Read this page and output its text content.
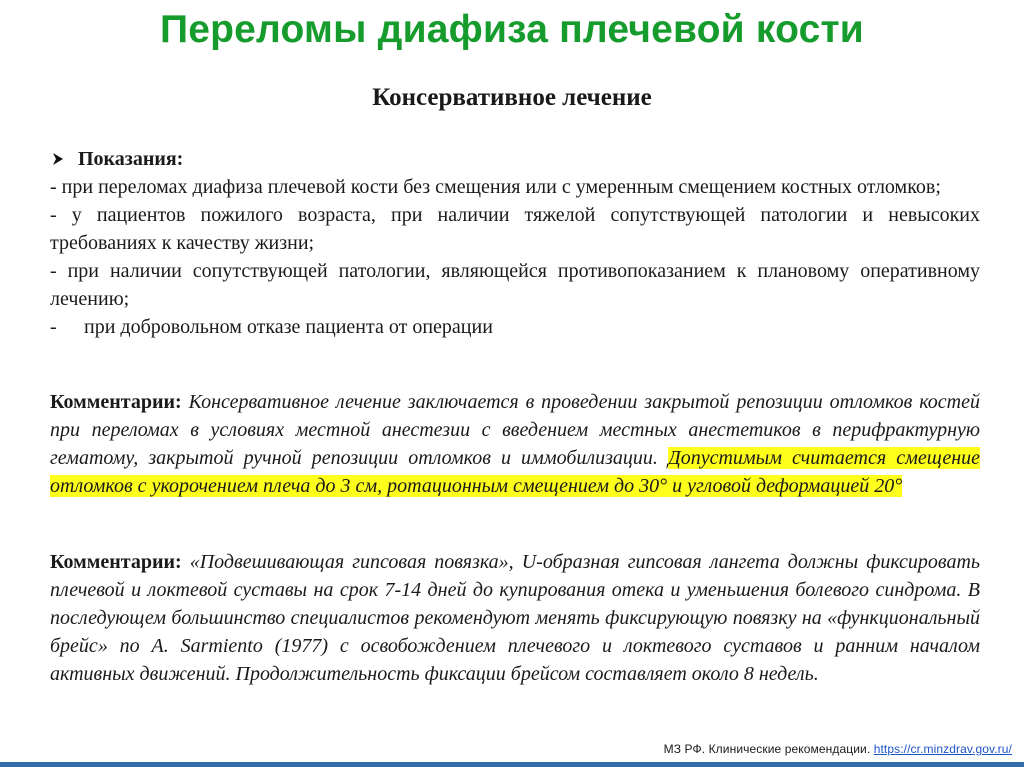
Переломы диафиза плечевой кости
Консервативное лечение
Показания:
- при переломах диафиза плечевой кости без смещения или с умеренным смещением костных отломков;
- у пациентов пожилого возраста, при наличии тяжелой сопутствующей патологии и невысоких требованиях к качеству жизни;
- при наличии сопутствующей патологии, являющейся противопоказанием к плановому оперативному лечению;
- при добровольном отказе пациента от операции
Комментарии: Консервативное лечение заключается в проведении закрытой репозиции отломков костей при переломах в условиях местной анестезии с введением местных анестетиков в перифрактурную гематому, закрытой ручной репозиции отломков и иммобилизации. Допустимым считается смещение отломков с укорочением плеча до 3 см, ротационным смещением до 30° и угловой деформацией 20°
Комментарии: «Подвешивающая гипсовая повязка», U-образная гипсовая лангета должны фиксировать плечевой и локтевой суставы на срок 7-14 дней до купирования отека и уменьшения болевого синдрома. В последующем большинство специалистов рекомендуют менять фиксирующую повязку на «функциональный брейс» по A. Sarmiento (1977) с освобождением плечевого и локтевого суставов и ранним началом активных движений. Продолжительность фиксации брейсом составляет около 8 недель.
МЗ РФ. Клинические рекомендации. https://cr.minzdrav.gov.ru/
